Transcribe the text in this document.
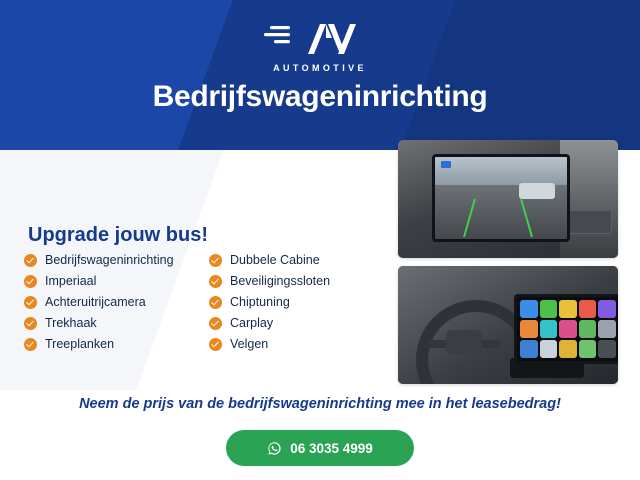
AUTOMOTIVE
Bedrijfswageninrichting
Upgrade jouw bus!
Bedrijfswageninrichting
Imperiaal
Achteruitrijcamera
Trekhaak
Treeplanken
Dubbele Cabine
Beveiligingssloten
Chiptuning
Carplay
Velgen
Neem de prijs van de bedrijfswageninrichting mee in het leasebedrag!
06 3035 4999
